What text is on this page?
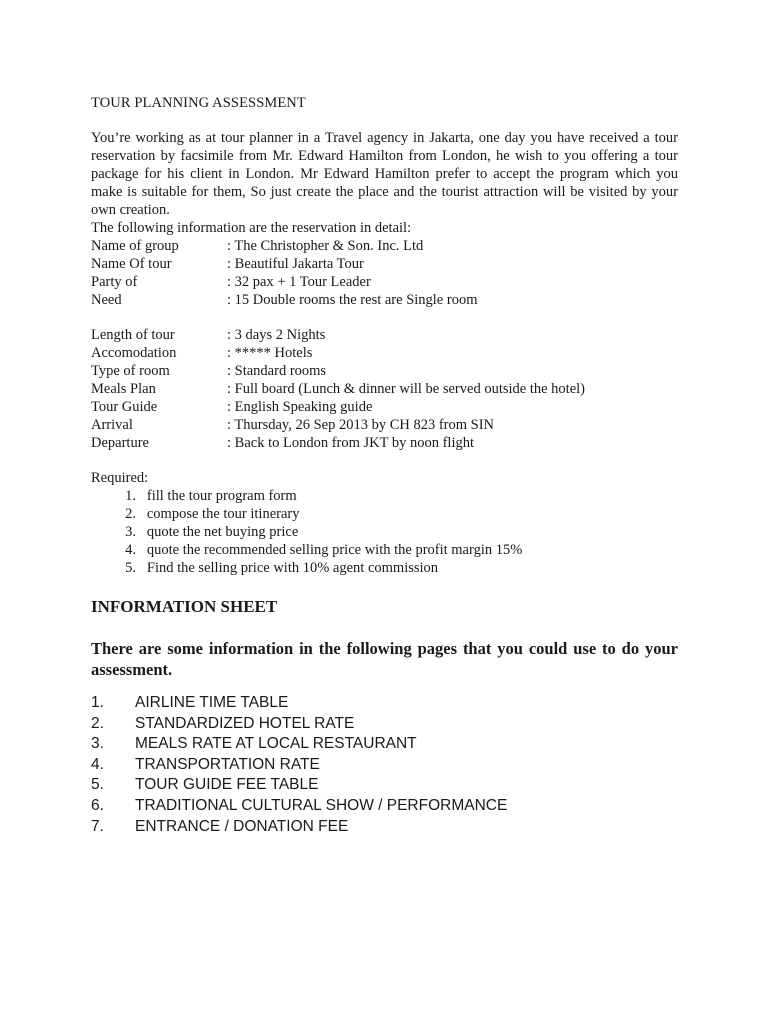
TOUR PLANNING ASSESSMENT
You’re working as at tour planner in a Travel agency in Jakarta, one day you have received a tour reservation by facsimile from Mr. Edward Hamilton from London, he wish to you offering a tour package for his client in London. Mr Edward Hamilton prefer to accept the program which you make is suitable for them, So just create the place and the tourist attraction will be visited by your own creation.
The following information are the reservation in detail:
Name of group	: The Christopher & Son. Inc. Ltd
Name Of tour	: Beautiful Jakarta Tour
Party of	: 32 pax + 1 Tour Leader
Need	: 15 Double rooms the rest are Single room
Length of tour	: 3 days 2 Nights
Accomodation	: ***** Hotels
Type of room	: Standard rooms
Meals Plan	: Full board (Lunch & dinner will be served outside the hotel)
Tour Guide	: English Speaking guide
Arrival	: Thursday, 26 Sep 2013 by CH 823 from SIN
Departure	: Back to London from JKT by noon flight
Required:
1. fill the tour program form
2. compose the tour itinerary
3. quote the net buying price
4. quote the recommended selling price with the profit margin 15%
5. Find the selling price with 10% agent commission
INFORMATION SHEET
There are some information in the following pages that you could use to do your assessment.
1. AIRLINE TIME TABLE
2. STANDARDIZED HOTEL RATE
3. MEALS RATE AT LOCAL RESTAURANT
4. TRANSPORTATION RATE
5. TOUR GUIDE FEE TABLE
6. TRADITIONAL CULTURAL SHOW / PERFORMANCE
7. ENTRANCE / DONATION FEE
